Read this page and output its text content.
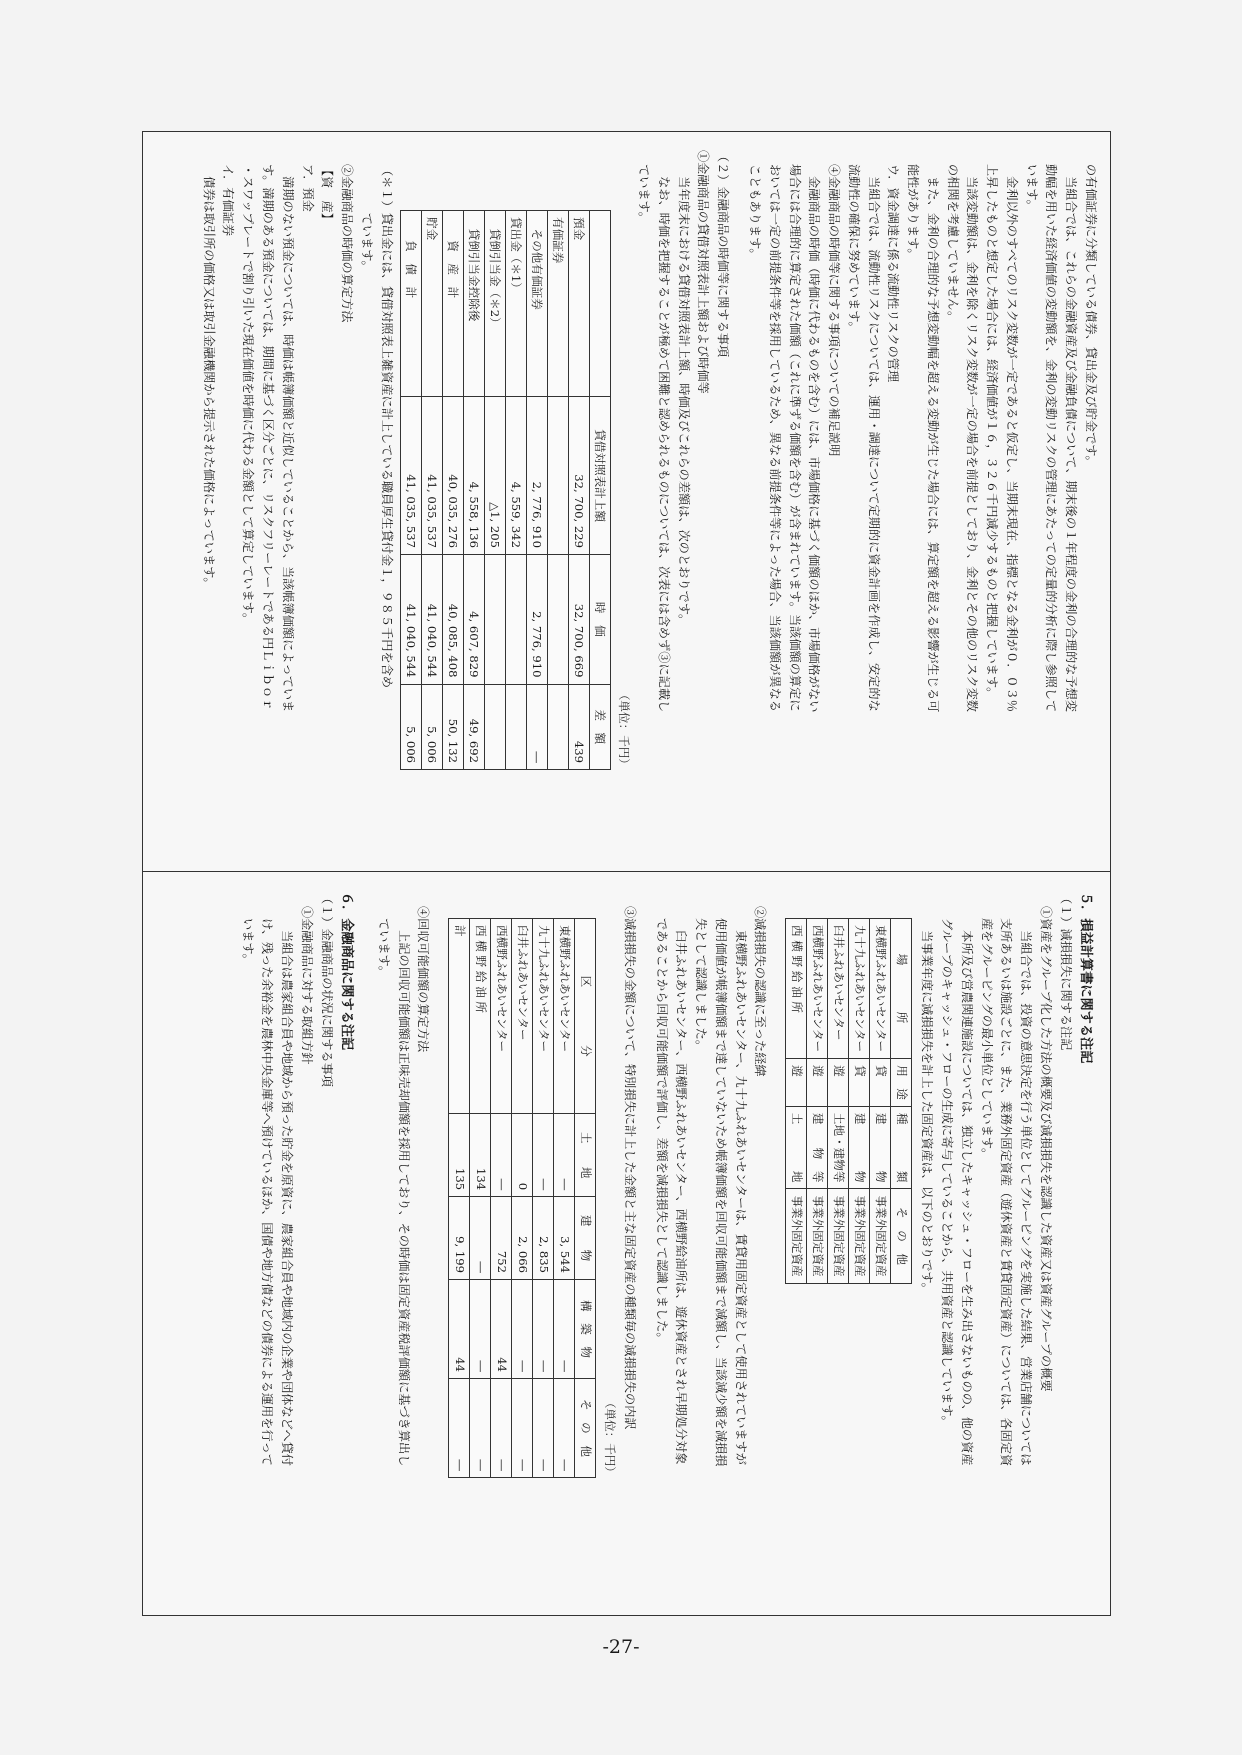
の有価証券に分類している債券、貸出金及び貯金です。
　当組合では、これらの金融資産及び金融負債について、期末後の１年程度の金利の合理的な予想変
動幅を用いた経済価値の変動額を、金利の変動リスクの管理にあたっての定量的分析に際し参照して
います。
　金利以外のすべてのリスク変数が一定であると仮定し、当期末現在、指標となる金利が０．０３％
上昇したものと想定した場合には、経済価値が１６，３２６千円減少するものと把握しています。
　当該変動額は、金利を除くリスク変数が一定の場合を前提としており、金利とその他のリスク変数
の相関を考慮していません。
　また、金利の合理的な予想変動幅を超える変動が生じた場合には、算定額を超える影響が生じる可
能性があります。
ウ．資金調達に係る流動性リスクの管理
　当組合では、流動性リスクについては、運用・調達について定期的に資金計画を作成し、安定的な
流動性の確保に努めています。
④金融商品の時価等に関する事項についての補足説明
　金融商品の時価（時価に代わるものを含む）には、市場価格に基づく価額のほか、市場価格がない
場合には合理的に算定された価額（これに準ずる価額を含む）が含まれています。当該価額の算定に
おいては一定の前提条件等を採用しているため、異なる前提条件等によった場合、当該価額が異なる
こともあります。
（２）金融商品の時価等に関する事項
①金融商品の貸借対照表計上額および時価等
　当年度末における貸借対照表計上額、時価及びこれらの差額は、次のとおりです。
　なお、時価を把握することが極めて困難と認められるものについては、次表には含めず③に記載し
ています。
（単位：千円）
	貸借対照表計上額	時　価	差　額
預金	32, 700, 229	32, 700, 669	439
有価証券			
　その他有価証券	2, 776, 910	2, 776, 910	―
貸出金（＊1）	4, 559, 342		
　貸倒引当金（＊2）	△1, 205		
　貸倒引当金控除後	4, 558, 136	4, 607, 829	49, 692
　　資　産　計	40, 035, 276	40, 085, 408	50, 132
貯金	41, 035, 537	41, 040, 544	5, 006
　　負　債　計	41, 035, 537	41, 040, 544	5, 006
（＊１）貸出金には、貸借対照表上雑資産に計上している職員厚生貸付金１，９８５千円を含め
　　　　ています。
②金融商品の時価の算定方法
【資　産】
ア．預金
　満期のない預金については、時価は帳簿価額と近似していることから、当該帳簿価額によっていま
す。満期のある預金については、期間に基づく区分ごとに、リスクフリーレートである円Ｌｉｂｏｒ
・スワップレートで割り引いた現在価値を時価に代わる金額として算定しています。
イ．有価証券
　債券は取引所の価格又は取引金融機関から提示された価格によっています。
５．損益計算書に関する注記
（１）減損損失に関する注記
①資産をグループ化した方法の概要及び減損損失を認識した資産又は資産グループの概要
　当組合では、投資の意思決定を行う単位としてグルーピングを実施した結果、営業店舗については
支所あるいは施設ごとに、また、業務外固定資産（遊休資産と賃貸固定資産）については、各固定資
産をグルーピングの最小単位としています。
　本所及び営農関連施設については、独立したキャッシュ・フローを生み出さないものの、他の資産
グループのキャッシュ・フローの生成に寄与していることから、共用資産と認識しています。
　当事業年度に減損損失を計上した固定資産は、以下のとおりです。
場　　　　所	用　途	種　　　　類	そ　の　他
東横野ふれあいセンター	貸	建　　　　物	事業外固定資産
九十九ふれあいセンター	貸	建　　　　物	事業外固定資産
臼井ふれあいセンター	遊	土地・建物等	事業外固定資産
西横野ふれあいセンター	遊	建　　物　等	事業外固定資産
西 横 野 給 油 所	遊	土　　　　地	事業外固定資産
②減損損失の認識に至った経緯
　東横野ふれあいセンター、九十九ふれあいセンターは、賃貸用固定資産として使用されていますが
使用価値が帳簿価額まで達していないため帳簿価額を回収可能価額まで減額し、当該減少額を減損損
失として認識しました。
　臼井ふれあいセンター、西横野ふれあいセンター、西横野給油所は、遊休資産とされ早期処分対象
であることから回収可能価額で評価し、差額を減損損失として認識しました。
③減損損失の金額について、特別損失に計上した金額と主な固定資産の種類毎の減損損失の内訳
（単位：千円）
区　　　　　分	土　　地	建　　物	構　築　物	そ　の　他
東横野ふれあいセンター	―	3, 544	―	―
九十九ふれあいセンター	―	2, 835	―	―
臼井ふれあいセンター	0	2, 066	―	―
西横野ふれあいセンター	―	752	44	―
西 横 野 給 油 所	134	―	―	―
計	135	9, 199	44	―
④回収可能価額の算定方法
　上記の回収可能価額は正味売却価額を採用しており、その時価は固定資産税評価額に基づき算出し
ています。
６．金融商品に関する注記
（１）金融商品の状況に関する事項
①金融商品に対する取組方針
　当組合は農家組合員や地域から預った貯金を原資に、農家組合員や地域内の企業や団体などへ貸付
け、残った余裕金を農林中央金庫等へ預けているほか、国債や地方債などの債券による運用を行って
います。
-27-
